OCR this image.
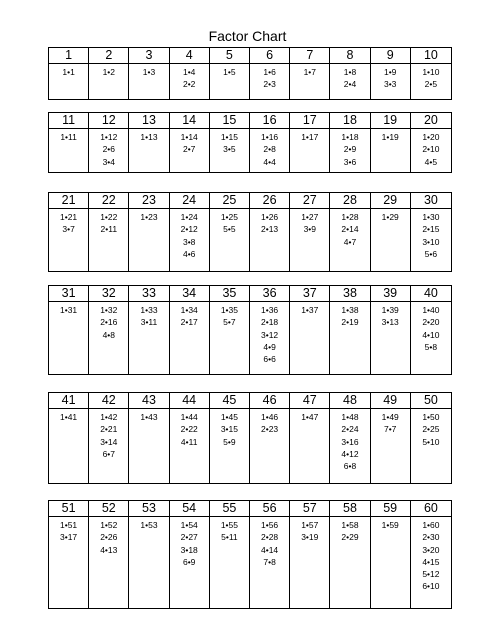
Factor Chart
1
1•1
2
1•2
3
1•3
4
1•4
2•2
5
1•5
6
1•6
2•3
7
1•7
8
1•8
2•4
9
1•9
3•3
10
1•10
2•5
11
1•11
12
1•12
2•6
3•4
13
1•13
14
1•14
2•7
15
1•15
3•5
16
1•16
2•8
4•4
17
1•17
18
1•18
2•9
3•6
19
1•19
20
1•20
2•10
4•5
21
1•21
3•7
22
1•22
2•11
23
1•23
24
1•24
2•12
3•8
4•6
25
1•25
5•5
26
1•26
2•13
27
1•27
3•9
28
1•28
2•14
4•7
29
1•29
30
1•30
2•15
3•10
5•6
31
1•31
32
1•32
2•16
4•8
33
1•33
3•11
34
1•34
2•17
35
1•35
5•7
36
1•36
2•18
3•12
4•9
6•6
37
1•37
38
1•38
2•19
39
1•39
3•13
40
1•40
2•20
4•10
5•8
41
1•41
42
1•42
2•21
3•14
6•7
43
1•43
44
1•44
2•22
4•11
45
1•45
3•15
5•9
46
1•46
2•23
47
1•47
48
1•48
2•24
3•16
4•12
6•8
49
1•49
7•7
50
1•50
2•25
5•10
51
1•51
3•17
52
1•52
2•26
4•13
53
1•53
54
1•54
2•27
3•18
6•9
55
1•55
5•11
56
1•56
2•28
4•14
7•8
57
1•57
3•19
58
1•58
2•29
59
1•59
60
1•60
2•30
3•20
4•15
5•12
6•10
